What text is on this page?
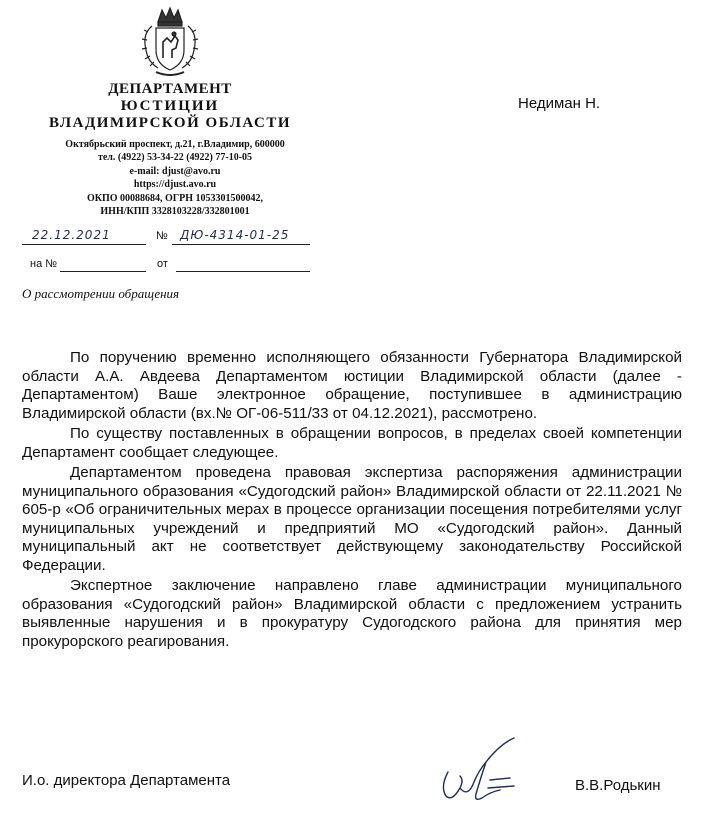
ДЕПАРТАМЕНТ
ЮСТИЦИИ
ВЛАДИМИРСКОЙ ОБЛАСТИ
Октябрьский проспект, д.21, г.Владимир, 600000
тел. (4922) 53-34-22 (4922) 77-10-05
e-mail: djust@avo.ru
https://djust.avo.ru
ОКПО 00088684, ОГРН 1053301500042,
ИНН/КПП 3328103228/332801001
Недиман Н.
22.12.2021	№ ДЮ-4314-01-25
на №	от
О рассмотрении обращения

По поручению временно исполняющего обязанности Губернатора Владимирской области А.А. Авдеева Департаментом юстиции Владимирской области (далее - Департаментом) Ваше электронное обращение, поступившее в администрацию Владимирской области (вх.№ ОГ-06-511/33 от 04.12.2021), рассмотрено.

По существу поставленных в обращении вопросов, в пределах своей компетенции Департамент сообщает следующее.

Департаментом проведена правовая экспертиза распоряжения администрации муниципального образования «Судогодский район» Владимирской области от 22.11.2021 № 605-р «Об ограничительных мерах в процессе организации посещения потребителями услуг муниципальных учреждений и предприятий МО «Судогодский район». Данный муниципальный акт не соответствует действующему законодательству Российской Федерации.

Экспертное заключение направлено главе администрации муниципального образования «Судогодский район» Владимирской области с предложением устранить выявленные нарушения и в прокуратуру Судогодского района для принятия мер прокурорского реагирования.

И.о. директора Департамента	В.В.Родькин
